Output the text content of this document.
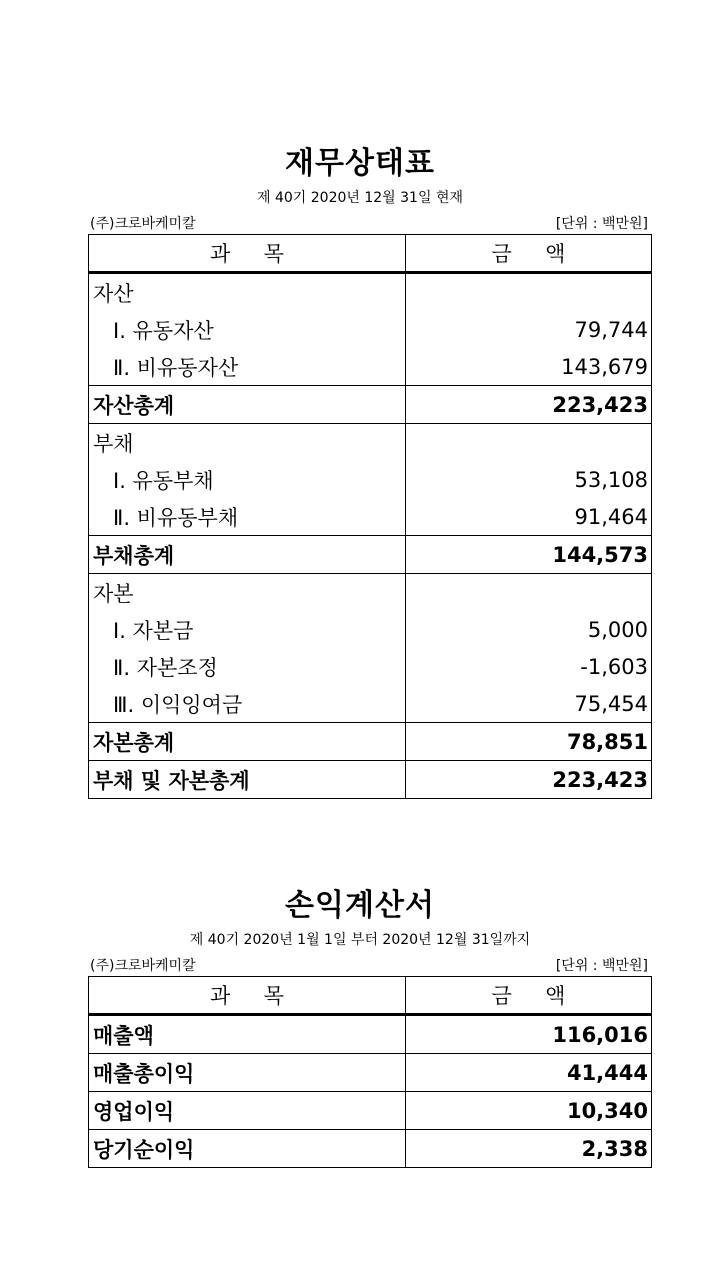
재무상태표
제 40기 2020년 12월 31일 현재
(주)크로바케미칼	[단위 : 백만원]
과     목	금     액
자산	
Ⅰ. 유동자산	79,744
Ⅱ. 비유동자산	143,679
자산총계	223,423
부채	
Ⅰ. 유동부채	53,108
Ⅱ. 비유동부채	91,464
부채총계	144,573
자본	
Ⅰ. 자본금	5,000
Ⅱ. 자본조정	-1,603
Ⅲ. 이익잉여금	75,454
자본총계	78,851
부채 및 자본총계	223,423
손익계산서
제 40기 2020년 1월 1일 부터 2020년 12월 31일까지
(주)크로바케미칼	[단위 : 백만원]
과     목	금     액
매출액	116,016
매출총이익	41,444
영업이익	10,340
당기순이익	2,338
